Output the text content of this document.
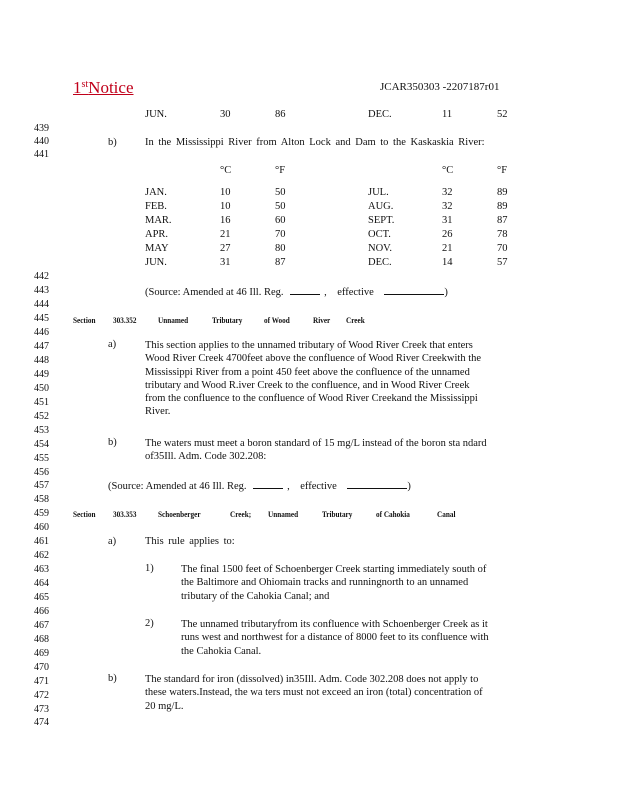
1stNotice	JCAR350303 -2207187r01
439
440
441
442
443
444
445
446
447
448
449
450
451
452
453
454
455
456
457
458
459
460
461
462
463
464
465
466
467
468
469
470
471
472
473
474
JUN.	30	86	DEC.	11	52
b)	In the Mississippi River from Alton Lock and Dam to the Kaskaskia River:
°C	°F	°C	°F
JAN.	10	50	JUL.	32	89
FEB.	10	50	AUG.	32	89
MAR.	16	60	SEPT.	31	87
APR.	21	70	OCT.	26	78
MAY	27	80	NOV.	21	70
JUN.	31	87	DEC.	14	57
(Source: Amended at 46 Ill. Reg.	,    effective	)
Section 303.352	Unnamed	Tributary	of Wood	River Creek
a)	This section applies to the unnamed tributary of Wood River Creek that enters
Wood River Creek 4700feet above the confluence of Wood River Creekwith the
Mississippi River from a point 450 feet above the confluence of the unnamed
tributary and Wood R.iver Creek to the confluence, and in Wood River Creek
from the confluence to the confluence of Wood River Creekand the Mississippi
River.
b)	The waters must meet a boron standard of 15 mg/L instead of the boron sta ndard
of35Ill. Adm. Code 302.208:
(Source: Amended at 46 Ill. Reg.	,    effective	)
Section 303.353	Schoenberger	Creek; Unnamed	Tributary	of Cahokia	Canal
a)	This rule applies to:
1)	The final 1500 feet of Schoenberger Creek starting immediately south of
the Baltimore and Ohiomain tracks and runningnorth to an unnamed
tributary of the Cahokia Canal; and
2)	The unnamed tributaryfrom its confluence with Schoenberger Creek as it
runs west and northwest for a distance of 8000 feet to its confluence with
the Cahokia Canal.
b)	The standard for iron (dissolved) in35Ill. Adm. Code 302.208 does not apply to
these waters.Instead, the wa ters must not exceed an iron (total) concentration of
20 mg/L.
